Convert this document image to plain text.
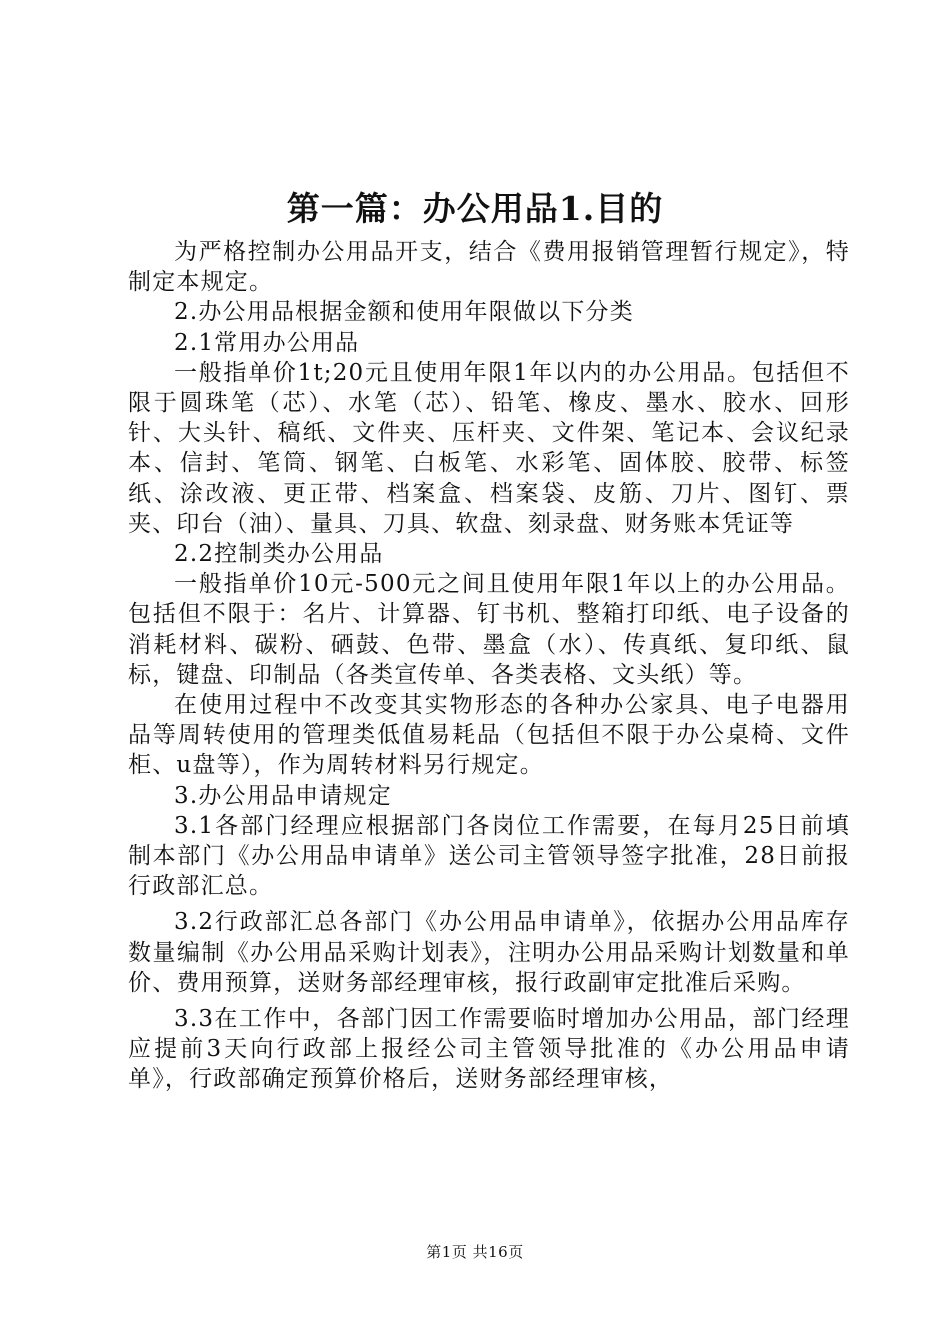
第一篇：办公用品1.目的

为严格控制办公用品开支，结合《费用报销管理暂行规定》，特制定本规定。

2.办公用品根据金额和使用年限做以下分类

2.1常用办公用品

一般指单价1t;20元且使用年限1年以内的办公用品。包括但不限于圆珠笔（芯）、水笔（芯）、铅笔、橡皮、墨水、胶水、回形针、大头针、稿纸、文件夹、压杆夹、文件架、笔记本、会议纪录本、信封、笔筒、钢笔、白板笔、水彩笔、固体胶、胶带、标签纸、涂改液、更正带、档案盒、档案袋、皮筋、刀片、图钉、票夹、印台（油）、量具、刀具、软盘、刻录盘、财务账本凭证等

2.2控制类办公用品

一般指单价10元-500元之间且使用年限1年以上的办公用品。包括但不限于：名片、计算器、钉书机、整箱打印纸、电子设备的消耗材料、碳粉、硒鼓、色带、墨盒（水）、传真纸、复印纸、鼠标，键盘、印制品（各类宣传单、各类表格、文头纸）等。

在使用过程中不改变其实物形态的各种办公家具、电子电器用品等周转使用的管理类低值易耗品（包括但不限于办公桌椅、文件柜、u盘等），作为周转材料另行规定。

3.办公用品申请规定

3.1各部门经理应根据部门各岗位工作需要，在每月25日前填制本部门《办公用品申请单》送公司主管领导签字批准，28日前报行政部汇总。

3.2行政部汇总各部门《办公用品申请单》，依据办公用品库存数量编制《办公用品采购计划表》，注明办公用品采购计划数量和单价、费用预算，送财务部经理审核，报行政副审定批准后采购。

3.3在工作中，各部门因工作需要临时增加办公用品，部门经理应提前3天向行政部上报经公司主管领导批准的《办公用品申请单》，行政部确定预算价格后，送财务部经理审核，

第1页 共16页
